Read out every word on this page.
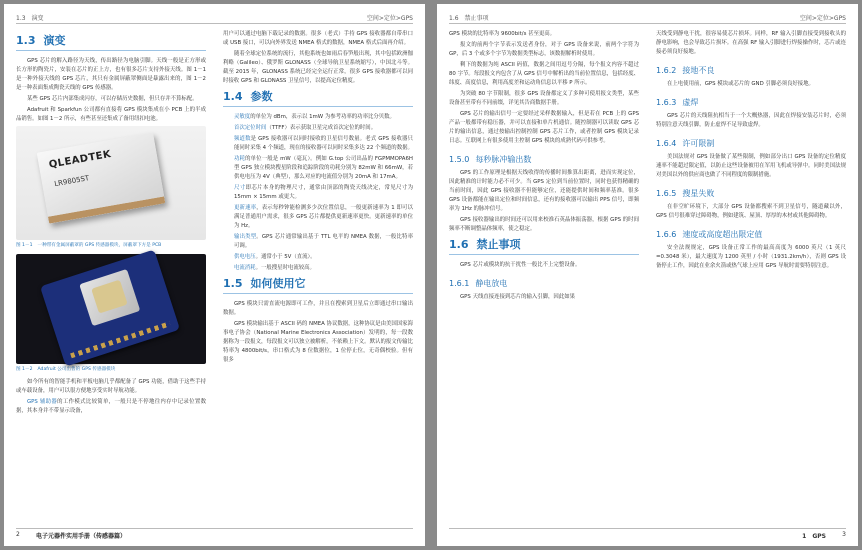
1.3　演变	空间>定位>GPS
1.3 演变

GPS 芯片的解入路径为天线，传出路径为电脑引脚。天线一般是正方形或长方形的陶瓷片，安装在芯片的正上方，也有很多芯片支持外接天线。图 1－1 是一种外接天线的 GPS 芯片，其只有金属屏蔽罩侧面是暴露出来的，图 1－2 是一种表面集成陶瓷天线的 GPS 传感器。

某些 GPS 芯片内部集成闪存，可以存储历史数据，但只存并不算标配。

Adafruit 和 Sparkfun 公司都有直接将 GPS 模块集成在小 PCB 上的半成品销售。如图 1－2 所示，有些甚至还集成了备用纽扣电池。

QLEADTEK
LR9805ST
图 1－1 一种带有金属屏蔽罩的 GPS 传感器模块，屏蔽罩下方是 PCB
图 1－2 Adafruit 公司出售的 GPS 传感器模块

如今所有的智能手机和平板电脑几乎都配备了 GPS 功能，借助于这些手持或车载设备，用户可以很方便地享受实时导航功能。

GPS 辅助器的工作模式比较简单，一般只是不停地往内存中记录位置数据，其本身并不带显示设备，

用户可以通过电脑下载记录的数据。很多（老式）手持 GPS 接收器都自带串口或 USB 接口，可以向外界发送 NMEA 格式的数据，NMEA 格式后面再介绍。

随着全球定位系统的流行，其他系统也如雨后春笋般出现，其中包括欧洲伽利略（Galileo）、俄罗斯 GLONASS（全球导航卫星系统缩写），中国北斗等。截至 2015 年，GLONASS 系统已经完全运行正常，很多 GPS 接收器都可以同时接收 GPS 和 GLONASS 卫星信号，以提高定位精度。

1.4 参数

灵敏度的单位为 dBm，表示以 1mW 为参考功率的功率比分贝数。

首次定位时间（TTFF）表示获取卫星完成首次定位的时间。

频道数是 GPS 接收器可以同时接收的卫星信号数量。老式 GPS 接收器只能同时采集 4 个频道，现在的接收器可以同时采集多达 22 个频道的数据。

功耗的单位一般是 mW（毫瓦）。例如 G.top 公司出品的 FGPMMOPA6H 型 GPS 独立模块搜星阶段和追踪阶段的功耗分别为 82mW 和 66mW，若供电电压为 4V（典型），那么对应的电流值分别为 20mA 和 17mA。

尺寸即芯片本身的物理尺寸，通常由顶部的陶瓷天线决定，常见尺寸为 15mm × 15mm 或更大。

更新速率，表示每秒钟能检测多少次位置信息，一般更新速率为 1 即可以满足普通用户需求，很多 GPS 芯片都提供更新速率更快。更新速率的单位为 Hz。

输出类型。GPS 芯片通常输出基于 TTL 电平的 NMEA 数据，一般比特率可调。

供电电压。通常小于 5V（直流）。

电流消耗。一般搜星时电流较高。

1.5 如何使用它

GPS 模块只需直流电源即可工作，并且在搜索到卫星后立即通过串口输出数据。

GPS 模块输出基于 ASCII 码的 NMEA 协议数据，这种协议是由美国国家海事电子协会（National Marine Electronics Association）发明的，每一段数据称为一段报文，每段报文可以独立被解析，不依赖上下文。默认的报文传输比特率为 4800bit/s，串口格式为 8 位数据位，1 位停止位，无奇偶校验。但有很多

2	电子元器件实用手册（传感器篇）
1.6　禁止事项	空间>定位>GPS

GPS 模块的比特率为 9600bit/s 甚至更高。

报文的前两个字节表示发送者身份，对于 GPS 设备来说，前两个字符为 GP，后 3 个或多个字节为数据类型标志，该数据解析时使用。

剩下的数据为纯 ASCII 码值，数据之间用逗号分隔，每个报文内容不超过 80 字节。每段报文内包含了从 GPS 信号中解析出的当前位置信息，包括经度、纬度、高度信息，利用高度差和运动角信息以平移 P 所示。

为突破 80 字节限制，很多 GPS 设备都定义了多种可使用报文类型，某些设备甚至带有不同前缀，详见其告商数据手册。

GPS 芯片的输出信号一定要经过采样数据输入，但是若在 PCB 上的 GPS 产品一般都带有稳压器，并可以直接和单片机通信。随控制器可以读取 GPS 芯片的输出信息，通过按输出控制控制 GPS 芯片工作，或者控制 GPS 模块记录日志。互联网上有很多使用主控制 GPS 模块的成熟代码可供参考。

1.5.0 每秒脉冲输出数

GPS 的工作原理是根据天线收得的传播时间推算出距离，进而实现定位，因此精准的计时能力必不可少。当 GPS 定位到当前位置时，同时也获得精确的当前时间，因此 GPS 接收器不但能够定位，还能提供时间和频率基准。很多 GPS 设备都能在输出定位和时间信息，还有的接收器可以输出 PPS 信号，即频率为 1Hz 的脉冲信号。

GPS 接收器输出的时间还可以用来校准石英晶体振荡器，根据 GPS 的时间频率不断调整晶体频率，使之稳定。

1.6 禁止事项

GPS 芯片或模块的抗干扰性一般比不上完整设备。

1.6.1 静电放电

GPS 天线直接连接到芯片的输入引脚，因此如果

天线受到静电干扰，很容易使芯片损坏。同样，RF 输入引脚直接受到接收头的静电影响，也会导致芯片损坏。在高强 RF 输入引脚进行焊接操作时，芯片或连接必须良好接地。

1.6.2 接地不良

在上电使用前，GPS 模块或芯片的 GND 引脚必须良好接地。

1.6.3 虚焊

GPS 芯片的天线阻抗相当于一个大概热器，因此在焊接安装芯片时，必须特别注意天线引脚，防止虚焊不足导致虚焊。

1.6.4 许可限制

美国法规对 GPS 设备做了某些限制，例如部分出口 GPS 设备的定位精度速率不能超过限定值，以防止这些设备被用在军用飞机或导弹中。同时美国法规对美国以外的供应商也做了不同程度的限制措施。

1.6.5 搜星失败

在非空旷环境下，大部分 GPS 设备都搜索不到卫星信号，隧道藏以外，GPS 信号很难穿过障碍物，例如建筑、屋顶、厚厚的木材或其他障碍物。

1.6.6 速度或高度超出限定值

安全法规规定，GPS 设备正常工作的最高高度为 6000 英尺（1 英尺 =0.3048 米），最大速度为 1200 英里 / 小时（1931.2km/h），否则 GPS 设备停止工作，因此在业余火箭或热气球上应用 GPS 导航时需要特别注意。

1　GPS	3
